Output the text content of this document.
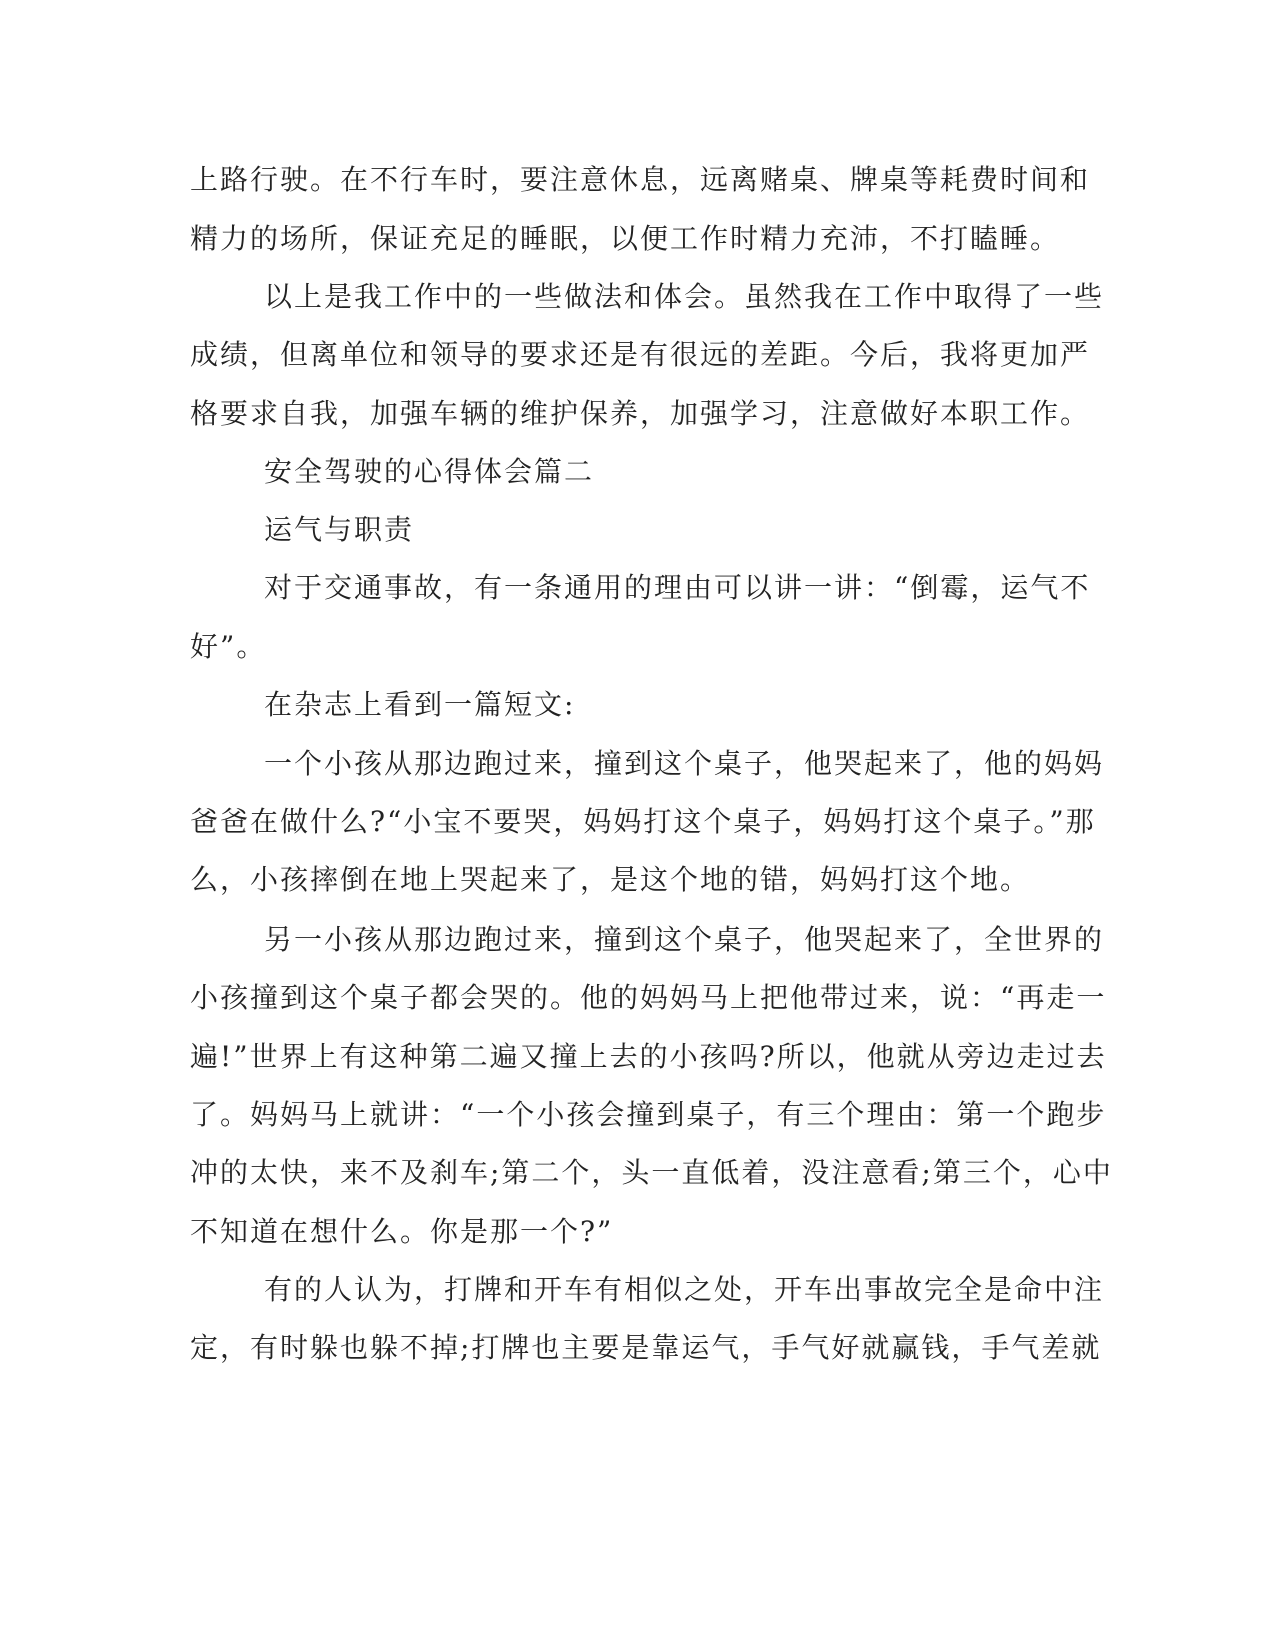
上路行驶。在不行车时，要注意休息，远离赌桌、牌桌等耗费时间和
精力的场所，保证充足的睡眠，以便工作时精力充沛，不打瞌睡。
以上是我工作中的一些做法和体会。虽然我在工作中取得了一些
成绩，但离单位和领导的要求还是有很远的差距。今后，我将更加严
格要求自我，加强车辆的维护保养，加强学习，注意做好本职工作。
安全驾驶的心得体会篇二
运气与职责
对于交通事故，有一条通用的理由可以讲一讲：“倒霉，运气不
好”。
在杂志上看到一篇短文:
一个小孩从那边跑过来，撞到这个桌子，他哭起来了，他的妈妈
爸爸在做什么?“小宝不要哭，妈妈打这个桌子，妈妈打这个桌子。”那
么，小孩摔倒在地上哭起来了，是这个地的错，妈妈打这个地。
另一小孩从那边跑过来，撞到这个桌子，他哭起来了，全世界的
小孩撞到这个桌子都会哭的。他的妈妈马上把他带过来，说：“再走一
遍!”世界上有这种第二遍又撞上去的小孩吗?所以，他就从旁边走过去
了。妈妈马上就讲：“一个小孩会撞到桌子，有三个理由：第一个跑步
冲的太快，来不及刹车;第二个，头一直低着，没注意看;第三个，心中
不知道在想什么。你是那一个?”
有的人认为，打牌和开车有相似之处，开车出事故完全是命中注
定，有时躲也躲不掉;打牌也主要是靠运气，手气好就赢钱，手气差就
